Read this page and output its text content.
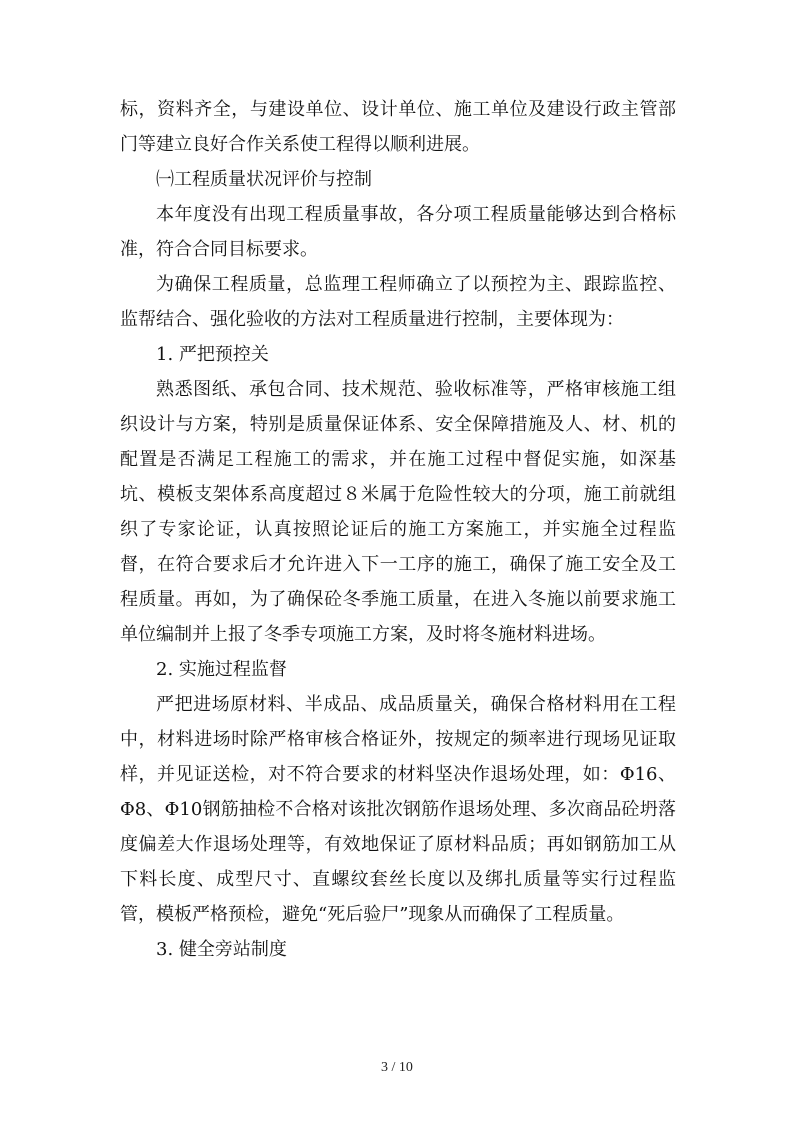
标，资料齐全，与建设单位、设计单位、施工单位及建设行政主管部门等建立良好合作关系使工程得以顺利进展。

㈠工程质量状况评价与控制

本年度没有出现工程质量事故，各分项工程质量能够达到合格标准，符合合同目标要求。

为确保工程质量，总监理工程师确立了以预控为主、跟踪监控、监帮结合、强化验收的方法对工程质量进行控制，主要体现为：

1. 严把预控关

熟悉图纸、承包合同、技术规范、验收标准等，严格审核施工组织设计与方案，特别是质量保证体系、安全保障措施及人、材、机的配置是否满足工程施工的需求，并在施工过程中督促实施，如深基坑、模板支架体系高度超过８米属于危险性较大的分项，施工前就组织了专家论证，认真按照论证后的施工方案施工，并实施全过程监督，在符合要求后才允许进入下一工序的施工，确保了施工安全及工程质量。再如，为了确保砼冬季施工质量，在进入冬施以前要求施工单位编制并上报了冬季专项施工方案，及时将冬施材料进场。

2. 实施过程监督

严把进场原材料、半成品、成品质量关，确保合格材料用在工程中，材料进场时除严格审核合格证外，按规定的频率进行现场见证取样，并见证送检，对不符合要求的材料坚决作退场处理，如：Φ16、Φ8、Φ10钢筋抽检不合格对该批次钢筋作退场处理、多次商品砼坍落度偏差大作退场处理等，有效地保证了原材料品质；再如钢筋加工从下料长度、成型尺寸、直螺纹套丝长度以及绑扎质量等实行过程监管，模板严格预检，避免“死后验尸”现象从而确保了工程质量。

3. 健全旁站制度

3 / 10
